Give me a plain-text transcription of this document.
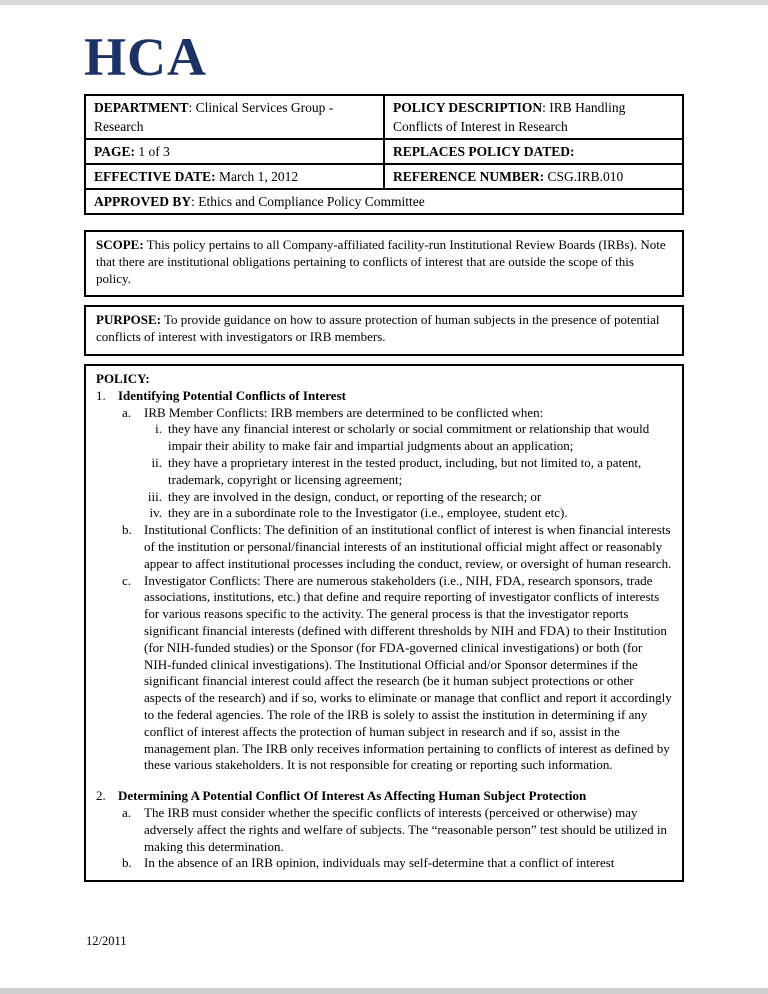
HCA
DEPARTMENT: Clinical Services Group - Research	POLICY DESCRIPTION: IRB Handling Conflicts of Interest in Research
PAGE: 1 of 3	REPLACES POLICY DATED:
EFFECTIVE DATE: March 1, 2012	REFERENCE NUMBER: CSG.IRB.010
APPROVED BY: Ethics and Compliance Policy Committee	
SCOPE: This policy pertains to all Company-affiliated facility-run Institutional Review Boards (IRBs). Note that there are institutional obligations pertaining to conflicts of interest that are outside the scope of this policy.
PURPOSE: To provide guidance on how to assure protection of human subjects in the presence of potential conflicts of interest with investigators or IRB members.
POLICY:
1. Identifying Potential Conflicts of Interest
a. IRB Member Conflicts: IRB members are determined to be conflicted when:
i. they have any financial interest or scholarly or social commitment or relationship that would impair their ability to make fair and impartial judgments about an application;
ii. they have a proprietary interest in the tested product, including, but not limited to, a patent, trademark, copyright or licensing agreement;
iii. they are involved in the design, conduct, or reporting of the research; or
iv. they are in a subordinate role to the Investigator (i.e., employee, student etc).
b. Institutional Conflicts: The definition of an institutional conflict of interest is when financial interests of the institution or personal/financial interests of an institutional official might affect or reasonably appear to affect institutional processes including the conduct, review, or oversight of human research.
c. Investigator Conflicts: There are numerous stakeholders (i.e., NIH, FDA, research sponsors, trade associations, institutions, etc.) that define and require reporting of investigator conflicts of interests for various reasons specific to the activity. The general process is that the investigator reports significant financial interests (defined with different thresholds by NIH and FDA) to their Institution (for NIH-funded studies) or the Sponsor (for FDA-governed clinical investigations) or both (for NIH-funded clinical investigations). The Institutional Official and/or Sponsor determines if the significant financial interest could affect the research (be it human subject protections or other aspects of the research) and if so, works to eliminate or manage that conflict and report it accordingly to the federal agencies. The role of the IRB is solely to assist the institution in determining if any conflict of interest affects the protection of human subject in research and if so, assist in the management plan. The IRB only receives information pertaining to conflicts of interest as defined by these various stakeholders. It is not responsible for creating or reporting such information.
2. Determining A Potential Conflict Of Interest As Affecting Human Subject Protection
a. The IRB must consider whether the specific conflicts of interests (perceived or otherwise) may adversely affect the rights and welfare of subjects. The “reasonable person” test should be utilized in making this determination.
b. In the absence of an IRB opinion, individuals may self-determine that a conflict of interest
12/2011
